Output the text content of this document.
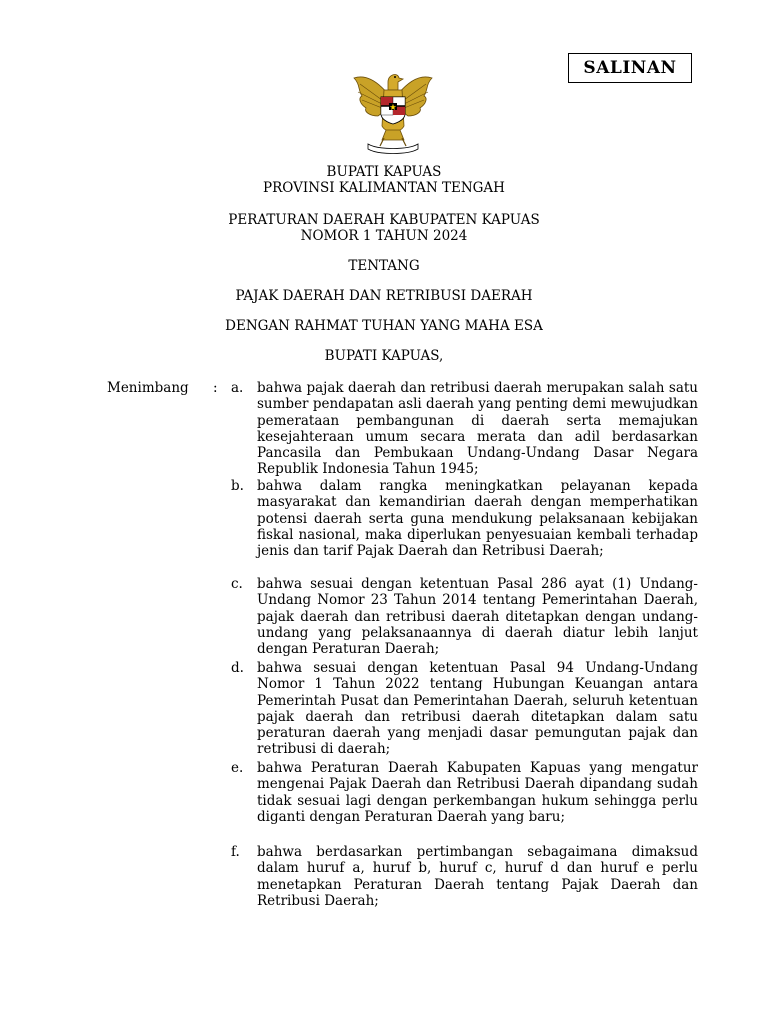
SALINAN
BUPATI KAPUAS
PROVINSI KALIMANTAN TENGAH
PERATURAN DAERAH KABUPATEN KAPUAS
NOMOR 1 TAHUN 2024
TENTANG
PAJAK DAERAH DAN RETRIBUSI DAERAH
DENGAN RAHMAT TUHAN YANG MAHA ESA
BUPATI KAPUAS,
Menimbang : a. bahwa pajak daerah dan retribusi daerah merupakan salah satu sumber pendapatan asli daerah yang penting demi mewujudkan pemerataan pembangunan di daerah serta memajukan kesejahteraan umum secara merata dan adil berdasarkan Pancasila dan Pembukaan Undang-Undang Dasar Negara Republik Indonesia Tahun 1945;
b. bahwa dalam rangka meningkatkan pelayanan kepada masyarakat dan kemandirian daerah dengan memperhatikan potensi daerah serta guna mendukung pelaksanaan kebijakan fiskal nasional, maka diperlukan penyesuaian kembali terhadap jenis dan tarif Pajak Daerah dan Retribusi Daerah;
c. bahwa sesuai dengan ketentuan Pasal 286 ayat (1) Undang-Undang Nomor 23 Tahun 2014 tentang Pemerintahan Daerah, pajak daerah dan retribusi daerah ditetapkan dengan undang-undang yang pelaksanaannya di daerah diatur lebih lanjut dengan Peraturan Daerah;
d. bahwa sesuai dengan ketentuan Pasal 94 Undang-Undang Nomor 1 Tahun 2022 tentang Hubungan Keuangan antara Pemerintah Pusat dan Pemerintahan Daerah, seluruh ketentuan pajak daerah dan retribusi daerah ditetapkan dalam satu peraturan daerah yang menjadi dasar pemungutan pajak dan retribusi di daerah;
e. bahwa Peraturan Daerah Kabupaten Kapuas yang mengatur mengenai Pajak Daerah dan Retribusi Daerah dipandang sudah tidak sesuai lagi dengan perkembangan hukum sehingga perlu diganti dengan Peraturan Daerah yang baru;
f. bahwa berdasarkan pertimbangan sebagaimana dimaksud dalam huruf a, huruf b, huruf c, huruf d dan huruf e perlu menetapkan Peraturan Daerah tentang Pajak Daerah dan Retribusi Daerah;
